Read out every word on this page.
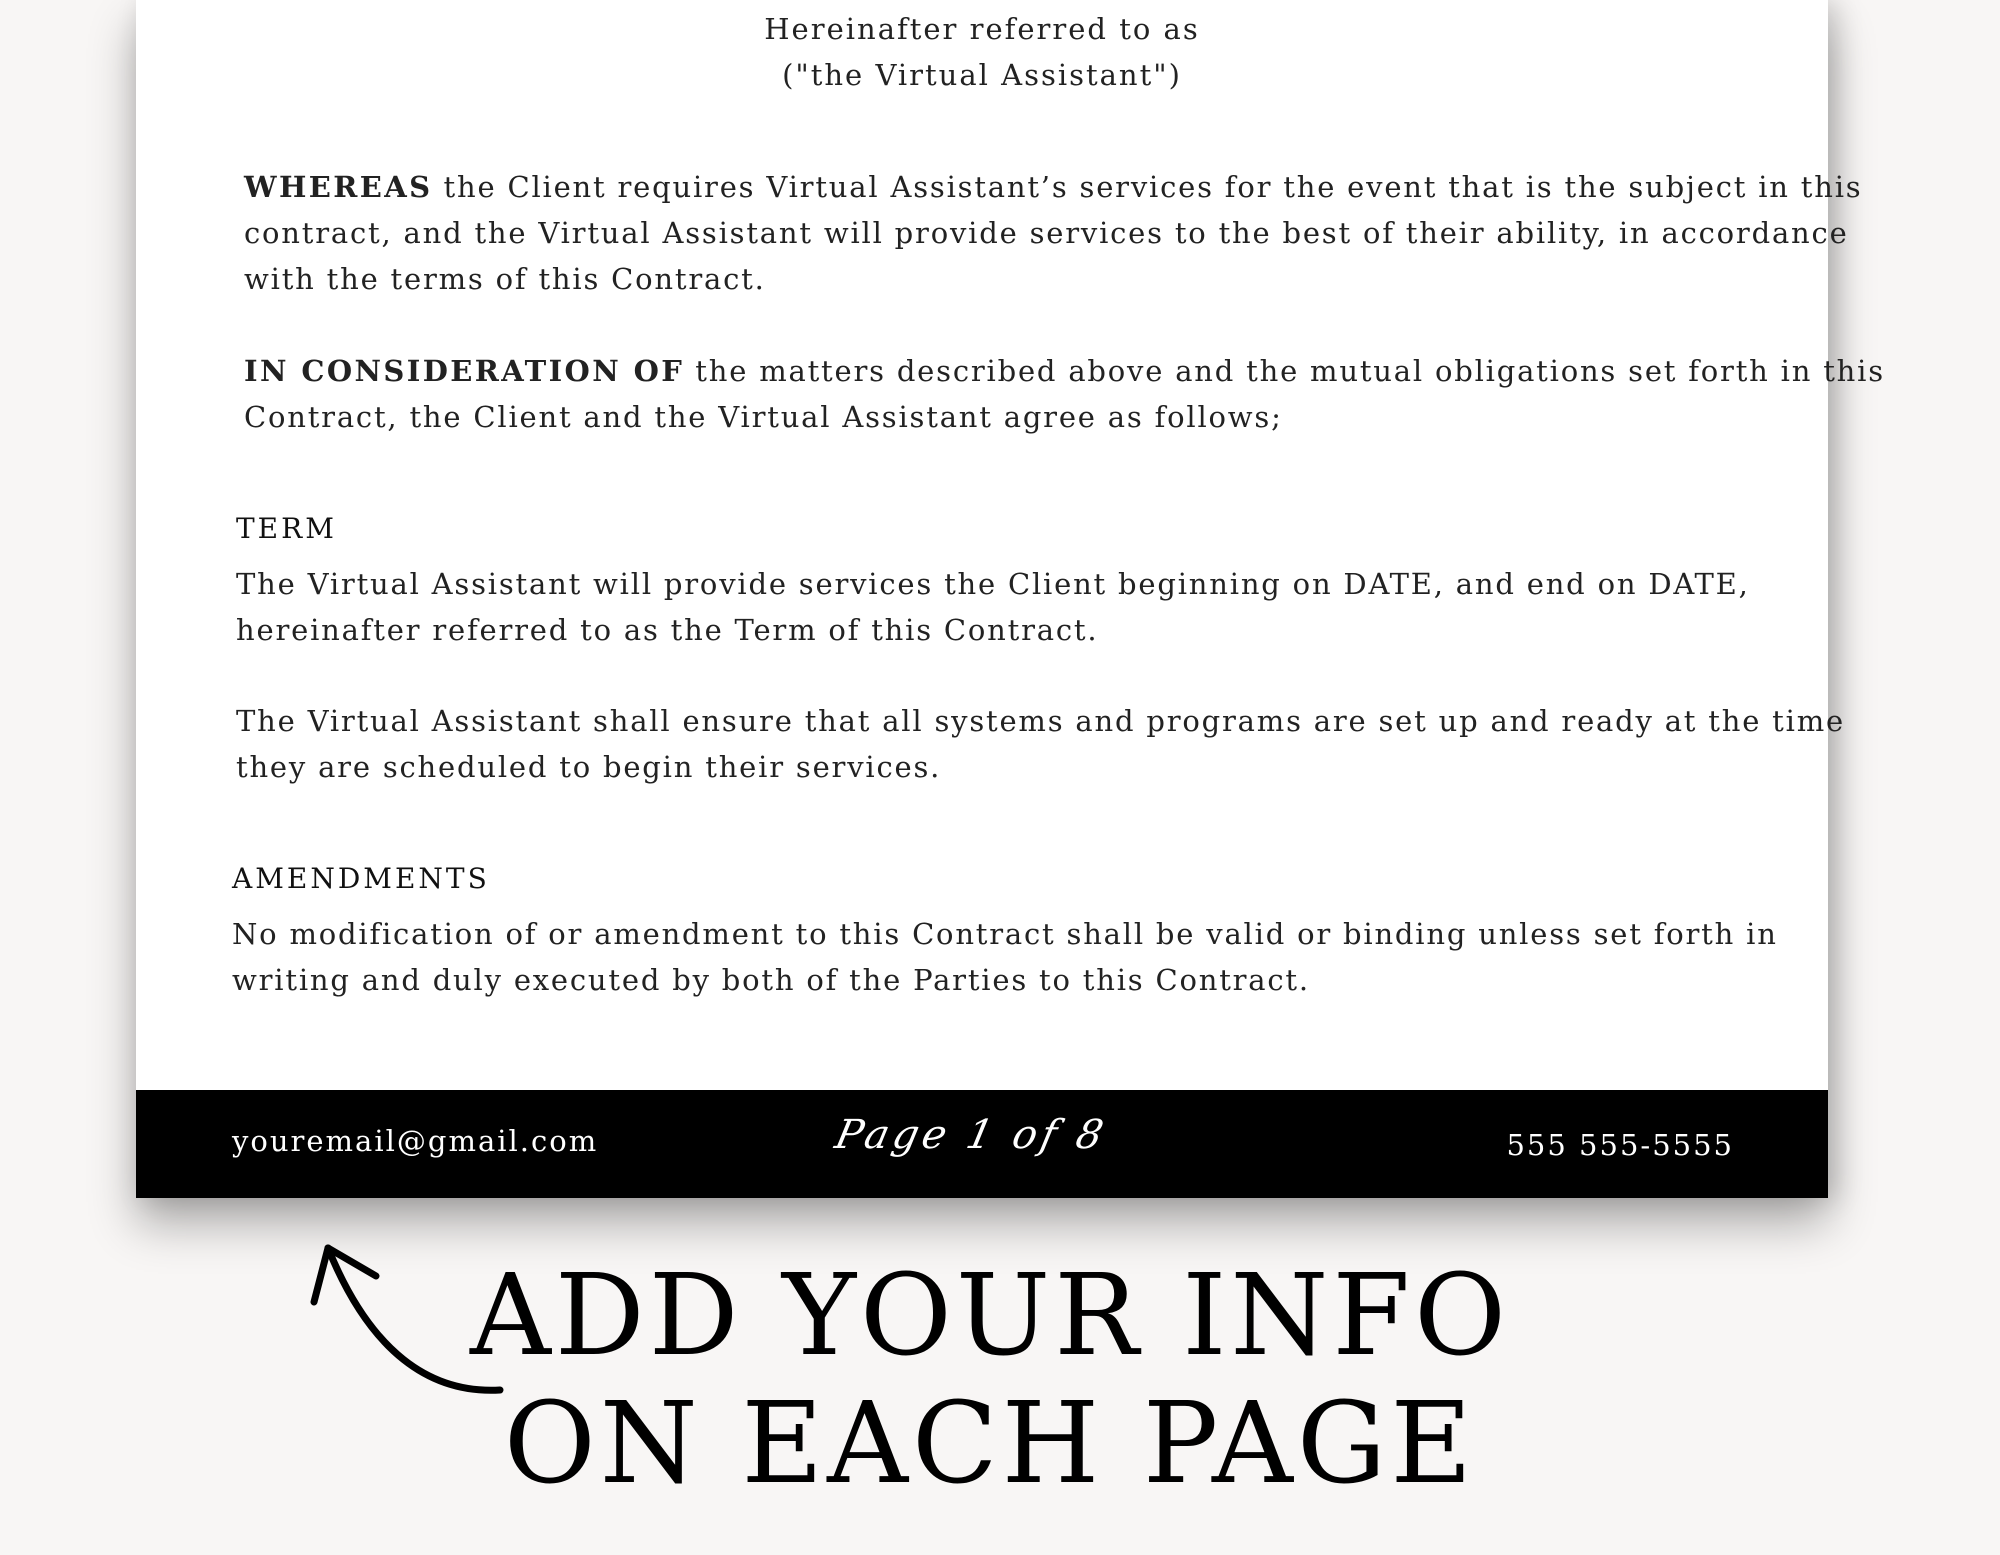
Hereinafter referred to as
("the Virtual Assistant")

WHEREAS the Client requires Virtual Assistant’s services for the event that is the subject in this
contract, and the Virtual Assistant will provide services to the best of their ability, in accordance
with the terms of this Contract.

IN CONSIDERATION OF the matters described above and the mutual obligations set forth in this
Contract, the Client and the Virtual Assistant agree as follows;

TERM

The Virtual Assistant will provide services the Client beginning on DATE, and end on DATE,
hereinafter referred to as the Term of this Contract.

The Virtual Assistant shall ensure that all systems and programs are set up and ready at the time
they are scheduled to begin their services.

AMENDMENTS

No modification of or amendment to this Contract shall be valid or binding unless set forth in
writing and duly executed by both of the Parties to this Contract.

youremail@gmail.com	Page 1 of 8	555 555-5555
ADD YOUR INFO
ON EACH PAGE
